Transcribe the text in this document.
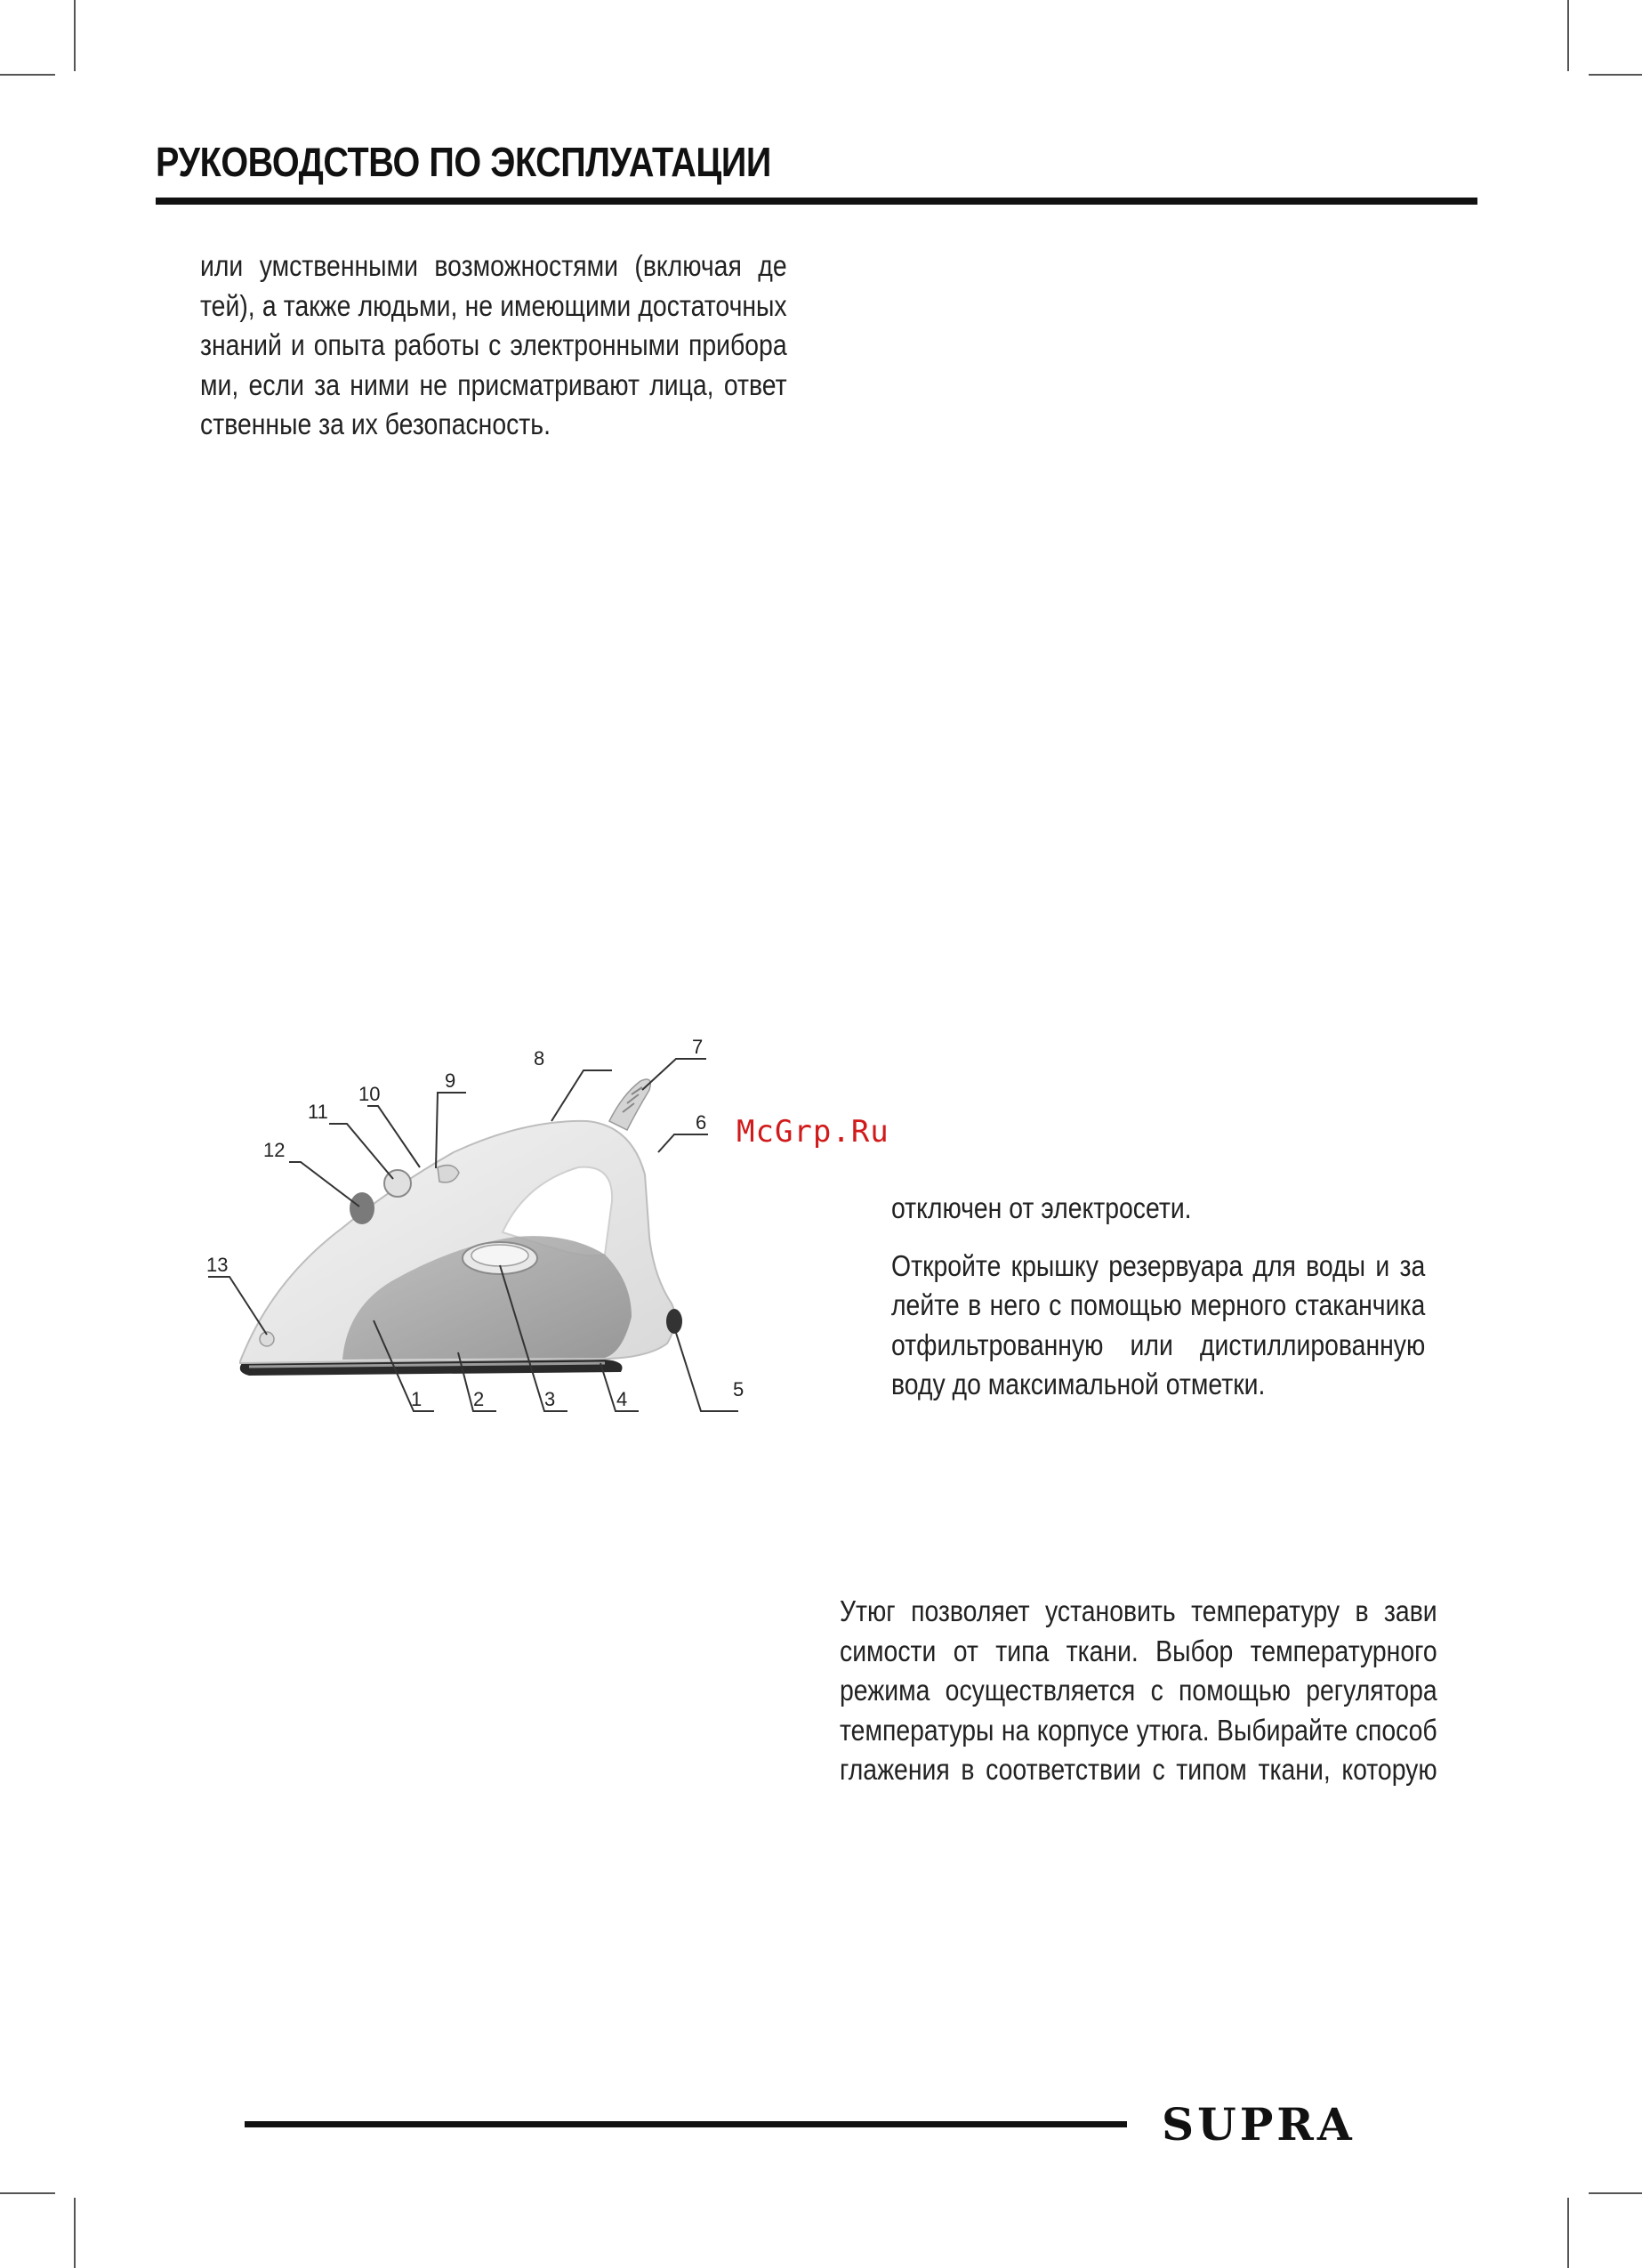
РУКОВОДСТВО ПО ЭКСПЛУАТАЦИИ
или умственными возможностями (включая де
тей), а также людьми, не имеющими достаточных
знаний и опыта работы с электронными прибора
ми, если за ними не присматривают лица, ответ
ственные за их безопасность.
1	2	3	4	5
6
7
8
9
10
11
12
13
McGrp.Ru
отключен от электросети.
Откройте крышку резервуара для воды и за
лейте в него с помощью мерного стаканчика
отфильтрованную или дистиллированную
воду до максимальной отметки.
Утюг позволяет установить температуру в зави
симости от типа ткани. Выбор температурного
режима осуществляется с помощью регулятора
температуры на корпусе утюга. Выбирайте способ
глажения в соответствии с типом ткани, которую
SUPRA
